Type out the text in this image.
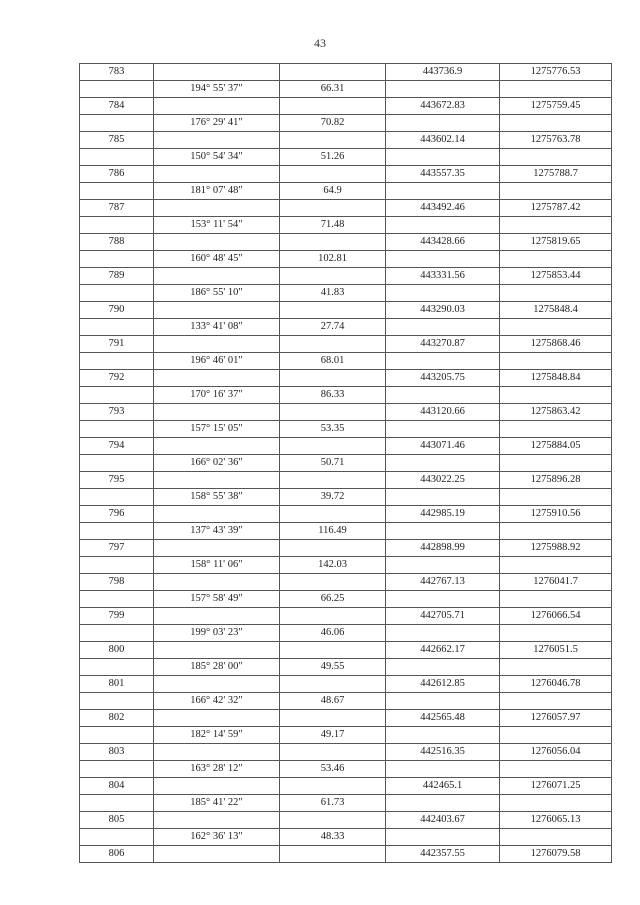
43
783			443736.9	1275776.53
	194° 55' 37"	66.31		
784			443672.83	1275759.45
	176° 29' 41"	70.82		
785			443602.14	1275763.78
	150° 54' 34"	51.26		
786			443557.35	1275788.7
	181° 07' 48"	64.9		
787			443492.46	1275787.42
	153° 11' 54"	71.48		
788			443428.66	1275819.65
	160° 48' 45"	102.81		
789			443331.56	1275853.44
	186° 55' 10"	41.83		
790			443290.03	1275848.4
	133° 41' 08"	27.74		
791			443270.87	1275868.46
	196° 46' 01"	68.01		
792			443205.75	1275848.84
	170° 16' 37"	86.33		
793			443120.66	1275863.42
	157° 15' 05"	53.35		
794			443071.46	1275884.05
	166° 02' 36"	50.71		
795			443022.25	1275896.28
	158° 55' 38"	39.72		
796			442985.19	1275910.56
	137° 43' 39"	116.49		
797			442898.99	1275988.92
	158° 11' 06"	142.03		
798			442767.13	1276041.7
	157° 58' 49"	66.25		
799			442705.71	1276066.54
	199° 03' 23"	46.06		
800			442662.17	1276051.5
	185° 28' 00"	49.55		
801			442612.85	1276046.78
	166° 42' 32"	48.67		
802			442565.48	1276057.97
	182° 14' 59"	49.17		
803			442516.35	1276056.04
	163° 28' 12"	53.46		
804			442465.1	1276071.25
	185° 41' 22"	61.73		
805			442403.67	1276065.13
	162° 36' 13"	48.33		
806			442357.55	1276079.58
